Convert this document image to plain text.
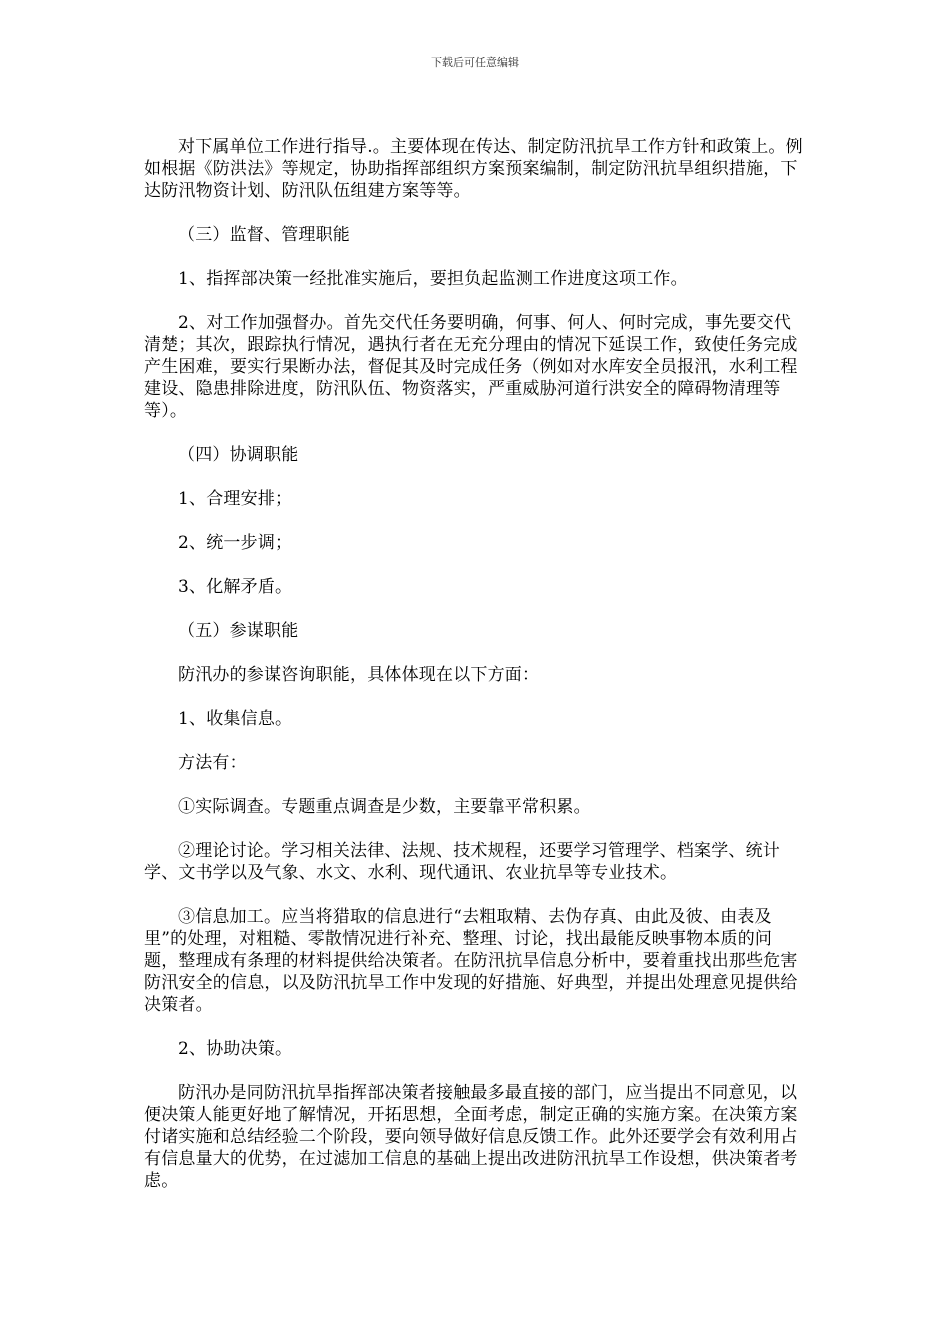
下载后可任意编辑

对下属单位工作进行指导.。主要体现在传达、制定防汛抗旱工作方针和政策上。例如根据《防洪法》等规定，协助指挥部组织方案预案编制，制定防汛抗旱组织措施，下达防汛物资计划、防汛队伍组建方案等等。

（三）监督、管理职能

1、指挥部决策一经批准实施后，要担负起监测工作进度这项工作。

2、对工作加强督办。首先交代任务要明确，何事、何人、何时完成，事先要交代清楚；其次，跟踪执行情况，遇执行者在无充分理由的情况下延误工作，致使任务完成产生困难，要实行果断办法，督促其及时完成任务（例如对水库安全员报汛，水利工程建设、隐患排除进度，防汛队伍、物资落实，严重威胁河道行洪安全的障碍物清理等等）。

（四）协调职能

1、合理安排；

2、统一步调；

3、化解矛盾。

（五）参谋职能

防汛办的参谋咨询职能，具体体现在以下方面：

1、收集信息。

方法有：

①实际调查。专题重点调查是少数，主要靠平常积累。

②理论讨论。学习相关法律、法规、技术规程，还要学习管理学、档案学、统计学、文书学以及气象、水文、水利、现代通讯、农业抗旱等专业技术。

③信息加工。应当将猎取的信息进行“去粗取精、去伪存真、由此及彼、由表及里”的处理，对粗糙、零散情况进行补充、整理、讨论，找出最能反映事物本质的问题，整理成有条理的材料提供给决策者。在防汛抗旱信息分析中，要着重找出那些危害防汛安全的信息，以及防汛抗旱工作中发现的好措施、好典型，并提出处理意见提供给决策者。

2、协助决策。

防汛办是同防汛抗旱指挥部决策者接触最多最直接的部门，应当提出不同意见，以便决策人能更好地了解情况，开拓思想，全面考虑，制定正确的实施方案。在决策方案付诸实施和总结经验二个阶段，要向领导做好信息反馈工作。此外还要学会有效利用占有信息量大的优势，在过滤加工信息的基础上提出改进防汛抗旱工作设想，供决策者考虑。
